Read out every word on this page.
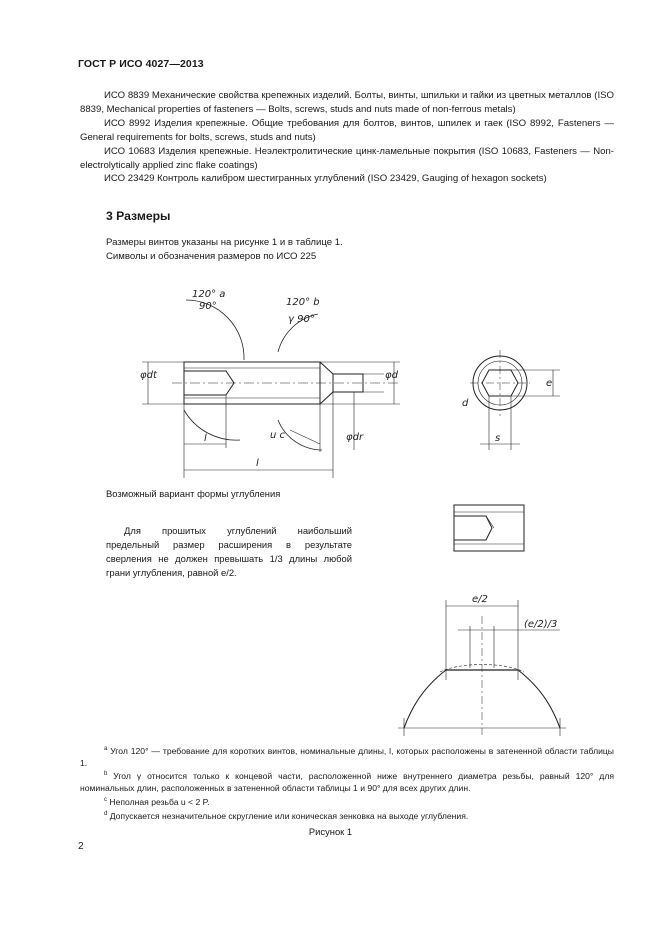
ГОСТ Р ИСО 4027—2013

ИСО 8839 Механические свойства крепежных изделий. Болты, винты, шпильки и гайки из цветных металлов (ISO 8839, Mechanical properties of fasteners — Bolts, screws, studs and nuts made of non-ferrous metals)

ИСО 8992 Изделия крепежные. Общие требования для болтов, винтов, шпилек и гаек (ISO 8992, Fasteners — General requirements for bolts, screws, studs and nuts)

ИСО 10683 Изделия крепежные. Неэлектролитические цинк-ламельные покрытия (ISO 10683, Fasteners — Non-electrolytically applied zinc flake coatings)

ИСО 23429 Контроль калибром шестигранных углублений (ISO 23429, Gauging of hexagon sockets)

3 Размеры
Размеры винтов указаны на рисунке 1 и в таблице 1.
Символы и обозначения размеров по ИСО 225
120° a
90°	120° b
γ 90°
φdt	φd
φdr
l
l
u c
e
s
d
e/2
(e/2)/3
Возможный вариант формы углубления

Для прошитых углублений наибольший предельный размер расширения в результате сверления не должен превышать 1/3 длины любой грани углубления, равной e/2.

$^a$ Угол 120° — требование для коротких винтов, номинальные длины, l, которых расположены в затененной области таблицы 1.

$^b$ Угол γ относится только к концевой части, расположенной ниже внутреннего диаметра резьбы, равный 120° для номинальных длин, расположенных в затененной области таблицы 1 и 90° для всех других длин.

$^c$ Неполная резьба u < 2 P.

$^d$ Допускается незначительное скругление или коническая зенковка на выходе углубления.

Рисунок 1
2
